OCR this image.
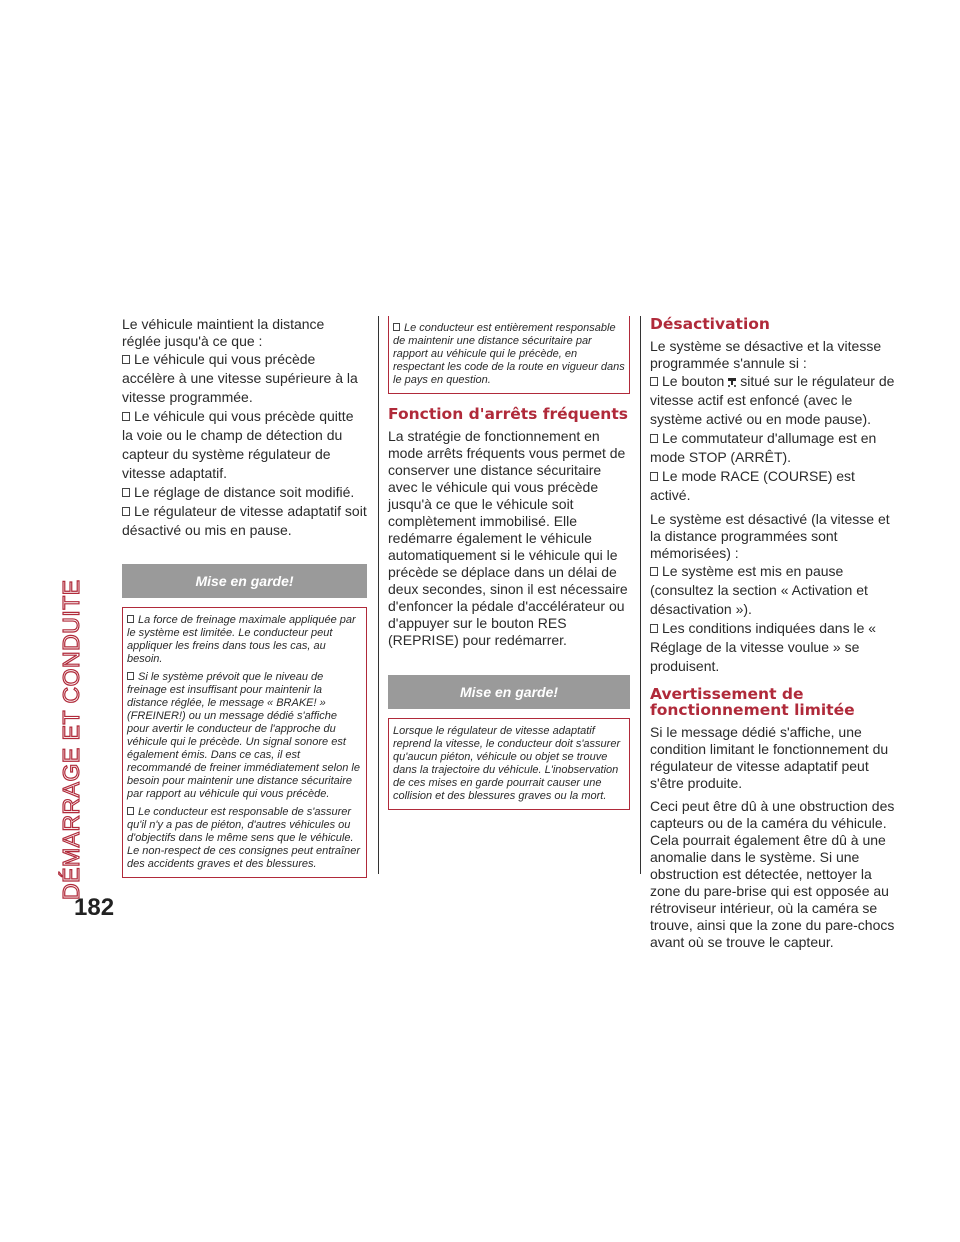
DÉMARRAGE ET CONDUITE
182

Le véhicule maintient la distance réglée jusqu'à ce que :

Le véhicule qui vous précède accélère à une vitesse supérieure à la vitesse programmée.

Le véhicule qui vous précède quitte la voie ou le champ de détection du capteur du système régulateur de vitesse adaptatif.

Le réglage de distance soit modifié.

Le régulateur de vitesse adaptatif soit désactivé ou mis en pause.

Mise en garde!

La force de freinage maximale appliquée par le système est limitée. Le conducteur peut appliquer les freins dans tous les cas, au besoin.

Si le système prévoit que le niveau de freinage est insuffisant pour maintenir la distance réglée, le message « BRAKE! » (FREINER!) ou un message dédié s'affiche pour avertir le conducteur de l'approche du véhicule qui le précède. Un signal sonore est également émis. Dans ce cas, il est recommandé de freiner immédiatement selon le besoin pour maintenir une distance sécuritaire par rapport au véhicule qui vous précède.

Le conducteur est responsable de s'assurer qu'il n'y a pas de piéton, d'autres véhicules ou d'objectifs dans le même sens que le véhicule. Le non-respect de ces consignes peut entraîner des accidents graves et des blessures.

Le conducteur est entièrement responsable de maintenir une distance sécuritaire par rapport au véhicule qui le précède, en respectant les code de la route en vigueur dans le pays en question.

Fonction d'arrêts fréquents

La stratégie de fonctionnement en mode arrêts fréquents vous permet de conserver une distance sécuritaire avec le véhicule qui vous précède jusqu'à ce que le véhicule soit complètement immobilisé. Elle redémarre également le véhicule automatiquement si le véhicule qui le précède se déplace dans un délai de deux secondes, sinon il est nécessaire d'enfoncer la pédale d'accélérateur ou d'appuyer sur le bouton RES (REPRISE) pour redémarrer.

Mise en garde!

Lorsque le régulateur de vitesse adaptatif reprend la vitesse, le conducteur doit s'assurer qu'aucun piéton, véhicule ou objet se trouve dans la trajectoire du véhicule. L'inobservation de ces mises en garde pourrait causer une collision et des blessures graves ou la mort.

Désactivation

Le système se désactive et la vitesse programmée s'annule si :

Le bouton situé sur le régulateur de vitesse actif est enfoncé (avec le système activé ou en mode pause).

Le commutateur d'allumage est en mode STOP (ARRÊT).

Le mode RACE (COURSE) est activé.

Le système est désactivé (la vitesse et la distance programmées sont mémorisées) :

Le système est mis en pause (consultez la section « Activation et désactivation »).

Les conditions indiquées dans le « Réglage de la vitesse voulue » se produisent.

Avertissement de fonctionnement limitée

Si le message dédié s'affiche, une condition limitant le fonctionnement du régulateur de vitesse adaptatif peut s'être produite.

Ceci peut être dû à une obstruction des capteurs ou de la caméra du véhicule. Cela pourrait également être dû à une anomalie dans le système. Si une obstruction est détectée, nettoyer la zone du pare-brise qui est opposée au rétroviseur intérieur, où la caméra se trouve, ainsi que la zone du pare-chocs avant où se trouve le capteur.
